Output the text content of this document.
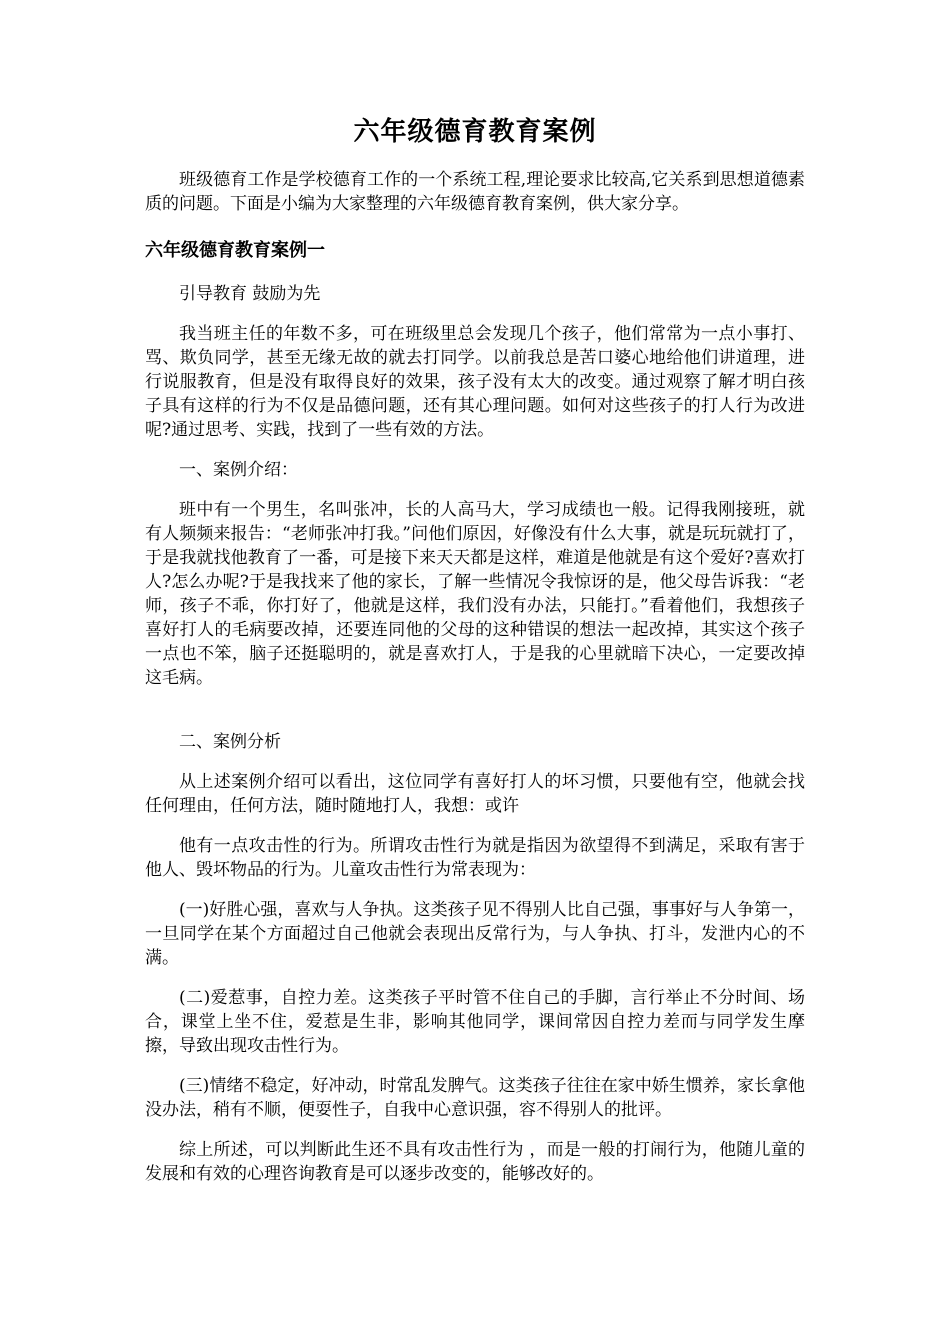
六年级德育教育案例

班级德育工作是学校德育工作的一个系统工程,理论要求比较高,它关系到思想道德素质的问题。下面是小编为大家整理的六年级德育教育案例，供大家分享。

六年级德育教育案例一

引导教育 鼓励为先

我当班主任的年数不多，可在班级里总会发现几个孩子，他们常常为一点小事打、骂、欺负同学，甚至无缘无故的就去打同学。以前我总是苦口婆心地给他们讲道理，进行说服教育，但是没有取得良好的效果，孩子没有太大的改变。通过观察了解才明白孩子具有这样的行为不仅是品德问题，还有其心理问题。如何对这些孩子的打人行为改进呢?通过思考、实践，找到了一些有效的方法。

一、案例介绍：

班中有一个男生，名叫张冲，长的人高马大，学习成绩也一般。记得我刚接班，就有人频频来报告：“老师张冲打我。”问他们原因，好像没有什么大事，就是玩玩就打了，于是我就找他教育了一番，可是接下来天天都是这样，难道是他就是有这个爱好?喜欢打人?怎么办呢?于是我找来了他的家长，了解一些情况令我惊讶的是，他父母告诉我：“老师，孩子不乖，你打好了，他就是这样，我们没有办法，只能打。”看着他们，我想孩子喜好打人的毛病要改掉，还要连同他的父母的这种错误的想法一起改掉，其实这个孩子一点也不笨，脑子还挺聪明的，就是喜欢打人，于是我的心里就暗下决心，一定要改掉这毛病。

二、案例分析

从上述案例介绍可以看出，这位同学有喜好打人的坏习惯，只要他有空，他就会找任何理由，任何方法，随时随地打人，我想：或许

他有一点攻击性的行为。所谓攻击性行为就是指因为欲望得不到满足，采取有害于他人、毁坏物品的行为。儿童攻击性行为常表现为：

(一)好胜心强，喜欢与人争执。这类孩子见不得别人比自己强，事事好与人争第一，一旦同学在某个方面超过自己他就会表现出反常行为，与人争执、打斗，发泄内心的不满。

(二)爱惹事，自控力差。这类孩子平时管不住自己的手脚，言行举止不分时间、场合，课堂上坐不住，爱惹是生非，影响其他同学，课间常因自控力差而与同学发生摩擦，导致出现攻击性行为。

(三)情绪不稳定，好冲动，时常乱发脾气。这类孩子往往在家中娇生惯养，家长拿他没办法，稍有不顺，便耍性子，自我中心意识强，容不得别人的批评。

综上所述，可以判断此生还不具有攻击性行为 ，而是一般的打闹行为，他随儿童的发展和有效的心理咨询教育是可以逐步改变的，能够改好的。
